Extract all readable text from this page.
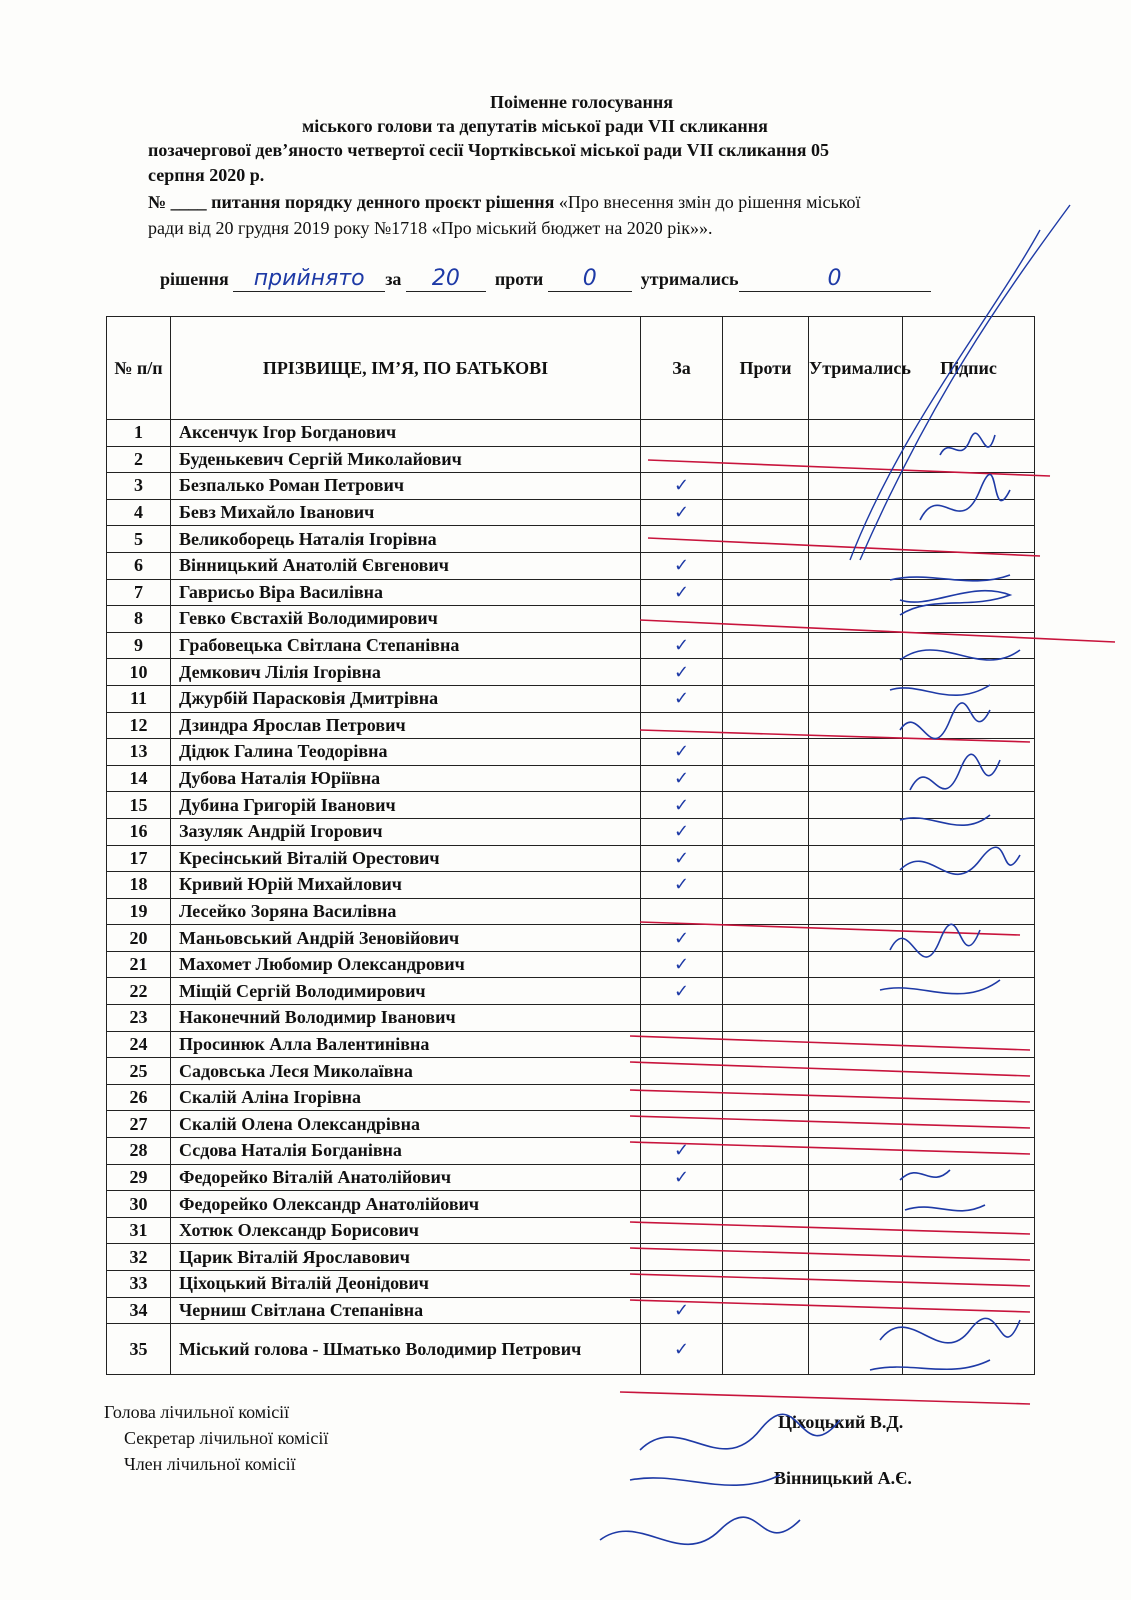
Поіменне голосування
міського голови та депутатів міської ради VII скликання
позачергової дев’яносто четвертої сесії Чортківської міської ради VII скликання 05
серпня 2020 р.
№ ____ питання порядку денного проєкт рішення «Про внесення змін до рішення міської
ради від 20 грудня 2019 року №1718 «Про міський бюджет на 2020 рік»».
рішення прийнято за 20 проти 0 утримались	0
№ п/п	ПРІЗВИЩЕ, ІМ’Я, ПО БАТЬКОВІ	За	Проти	Утримались	Підпис
1	Аксенчук Ігор Богданович				
2	Буденькевич Сергій Миколайович				
3	Безпалько Роман Петрович	✓			
4	Бевз Михайло Іванович	✓			
5	Великоборець Наталія Ігорівна				
6	Вінницький Анатолій Євгенович	✓			
7	Гаврисьо Віра Василівна	✓			
8	Гевко Євстахій Володимирович				
9	Грабовецька Світлана Степанівна	✓			
10	Демкович Лілія Ігорівна	✓			
11	Джурбій Парасковія Дмитрівна	✓			
12	Дзиндра Ярослав Петрович				
13	Дідюк Галина Теодорівна	✓			
14	Дубова Наталія Юріївна	✓			
15	Дубина Григорій Іванович	✓			
16	Зазуляк Андрій Ігорович	✓			
17	Кресінський Віталій Орестович	✓			
18	Кривий Юрій Михайлович	✓			
19	Лесейко Зоряна Василівна				
20	Маньовський Андрій Зеновійович	✓			
21	Махомет Любомир Олександрович	✓			
22	Міщій Сергій Володимирович	✓			
23	Наконечний Володимир Іванович				
24	Просинюк Алла Валентинівна				
25	Садовська Леся Миколаївна				
26	Скалій Аліна Ігорівна				
27	Скалій Олена Олександрівна				
28	Ссдова Наталія Богданівна	✓			
29	Федорейко Віталій Анатолійович	✓			
30	Федорейко Олександр Анатолійович				
31	Хотюк Олександр Борисович				
32	Царик Віталій Ярославович				
33	Ціхоцький Віталій Деонідович				
34	Черниш Світлана Степанівна	✓			
35	Міський голова - Шматько Володимир Петрович	✓			
Голова лічильної комісії
Секретар лічильної комісії
Член лічильної комісії
Ціхоцький В.Д.
Вінницький А.Є.
